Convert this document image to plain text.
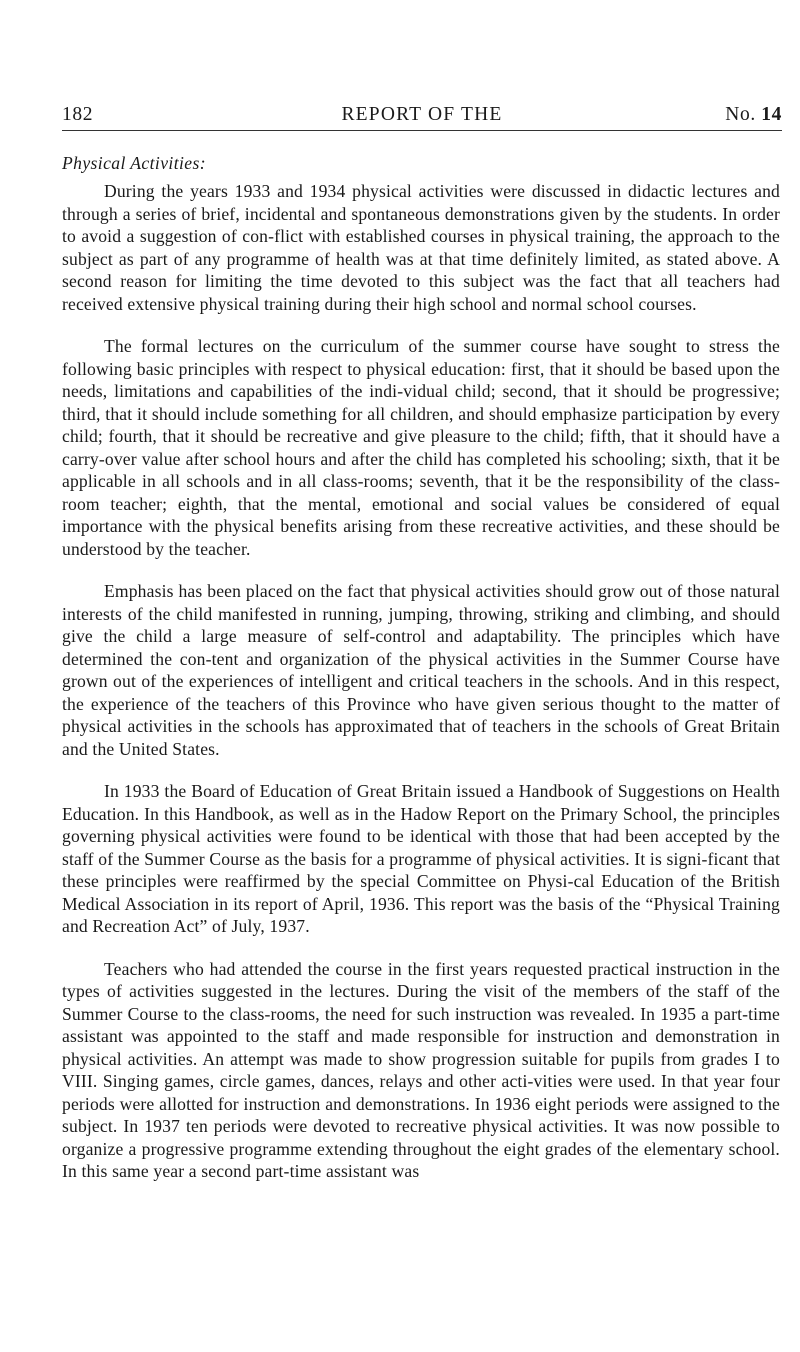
182	REPORT OF THE	No. 14
Physical Activities:

During the years 1933 and 1934 physical activities were discussed in didactic lectures and through a series of brief, incidental and spontaneous demonstrations given by the students. In order to avoid a suggestion of con-flict with established courses in physical training, the approach to the subject as part of any programme of health was at that time definitely limited, as stated above. A second reason for limiting the time devoted to this subject was the fact that all teachers had received extensive physical training during their high school and normal school courses.

The formal lectures on the curriculum of the summer course have sought to stress the following basic principles with respect to physical education: first, that it should be based upon the needs, limitations and capabilities of the indi-vidual child; second, that it should be progressive; third, that it should include something for all children, and should emphasize participation by every child; fourth, that it should be recreative and give pleasure to the child; fifth, that it should have a carry-over value after school hours and after the child has completed his schooling; sixth, that it be applicable in all schools and in all class-rooms; seventh, that it be the responsibility of the class-room teacher; eighth, that the mental, emotional and social values be considered of equal importance with the physical benefits arising from these recreative activities, and these should be understood by the teacher.

Emphasis has been placed on the fact that physical activities should grow out of those natural interests of the child manifested in running, jumping, throwing, striking and climbing, and should give the child a large measure of self-control and adaptability. The principles which have determined the con-tent and organization of the physical activities in the Summer Course have grown out of the experiences of intelligent and critical teachers in the schools. And in this respect, the experience of the teachers of this Province who have given serious thought to the matter of physical activities in the schools has approximated that of teachers in the schools of Great Britain and the United States.

In 1933 the Board of Education of Great Britain issued a Handbook of Suggestions on Health Education. In this Handbook, as well as in the Hadow Report on the Primary School, the principles governing physical activities were found to be identical with those that had been accepted by the staff of the Summer Course as the basis for a programme of physical activities. It is signi-ficant that these principles were reaffirmed by the special Committee on Physi-cal Education of the British Medical Association in its report of April, 1936. This report was the basis of the “Physical Training and Recreation Act” of July, 1937.

Teachers who had attended the course in the first years requested practical instruction in the types of activities suggested in the lectures. During the visit of the members of the staff of the Summer Course to the class-rooms, the need for such instruction was revealed. In 1935 a part-time assistant was appointed to the staff and made responsible for instruction and demonstration in physical activities. An attempt was made to show progression suitable for pupils from grades I to VIII. Singing games, circle games, dances, relays and other acti-vities were used. In that year four periods were allotted for instruction and demonstrations. In 1936 eight periods were assigned to the subject. In 1937 ten periods were devoted to recreative physical activities. It was now possible to organize a progressive programme extending throughout the eight grades of the elementary school. In this same year a second part-time assistant was
